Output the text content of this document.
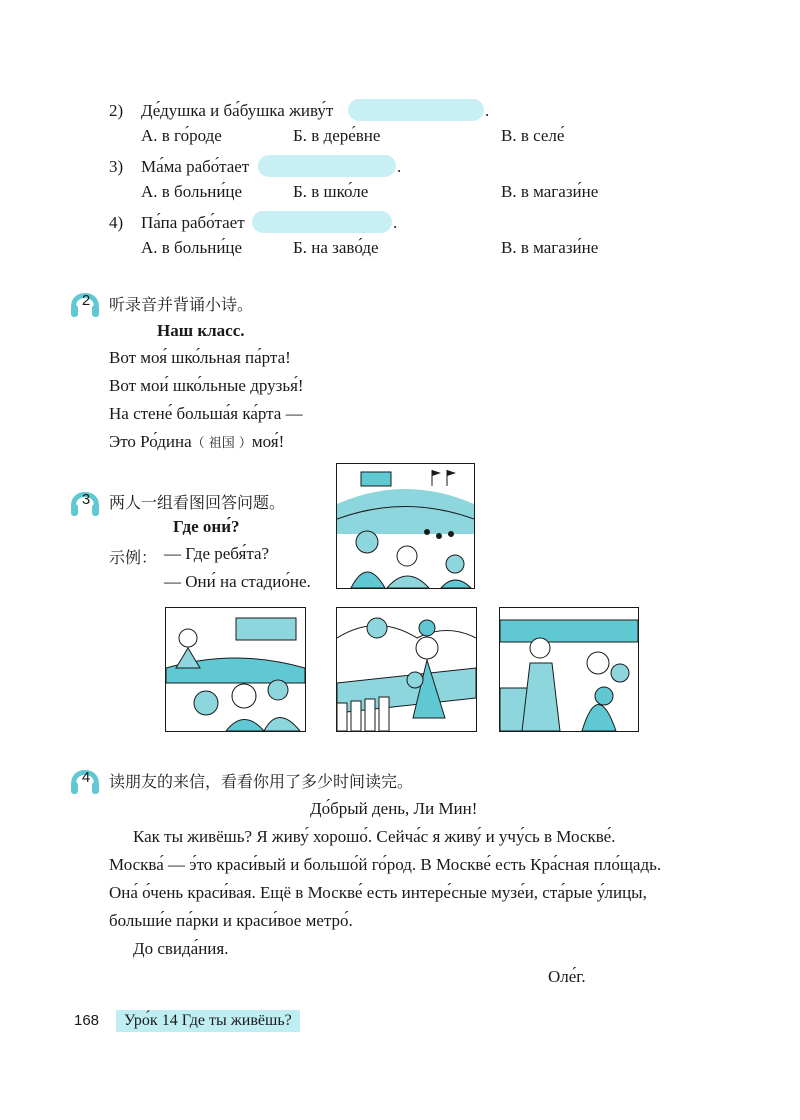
2) Де́душка и ба́бушка живу́т	.
А. в го́роде	Б. в дере́вне	В. в селе́
3) Ма́ма рабо́тает	.
А. в больни́це	Б. в шко́ле	В. в магази́не
4) Па́па рабо́тает	.
А. в больни́це	Б. на заво́де	В. в магази́не
2 听录音并背诵小诗。
Наш класс.
Вот моя́ шко́льная па́рта!
Вот мои́ шко́льные друзья́!
На стене́ больша́я ка́рта —
Это Ро́дина（ 祖国 ）моя́!
3 两人一组看图回答问题。
Где они́?
示例： — Где ребя́та?
— Они́ на стадио́не.
4 读朋友的来信，看看你用了多少时间读完。
До́брый день, Ли Мин!
Как ты живёшь? Я живу́ хорошо́. Сейча́с я живу́ и учу́сь в Москве́.
Москва́ — э́то краси́вый и большо́й го́род. В Москве́ есть Кра́сная пло́щадь.
Она́ о́чень краси́вая. Ещё в Москве́ есть интере́сные музе́и, ста́рые у́лицы,
больши́е па́рки и краси́вое метро́.
До свида́ния.
Оле́г.
168	Уро́к 14 Где ты живёшь?
